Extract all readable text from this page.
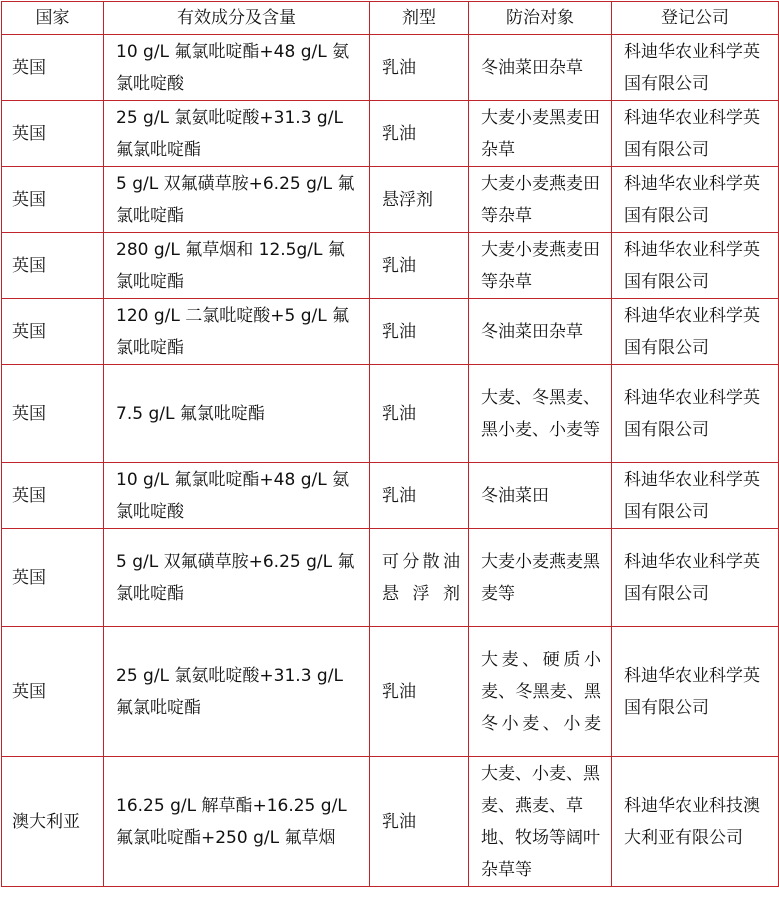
国家	有效成分及含量	剂型	防治对象	登记公司
英国	10 g/L 氟氯吡啶酯+48 g/L 氨氯吡啶酸	乳油	冬油菜田杂草	科迪华农业科学英国有限公司
英国	25 g/L 氯氨吡啶酸+31.3 g/L 氟氯吡啶酯	乳油	大麦小麦黑麦田杂草	科迪华农业科学英国有限公司
英国	5 g/L 双氟磺草胺+6.25 g/L 氟氯吡啶酯	悬浮剂	大麦小麦燕麦田等杂草	科迪华农业科学英国有限公司
英国	280 g/L 氟草烟和 12.5g/L 氟氯吡啶酯	乳油	大麦小麦燕麦田等杂草	科迪华农业科学英国有限公司
英国	120 g/L 二氯吡啶酸+5 g/L 氟氯吡啶酯	乳油	冬油菜田杂草	科迪华农业科学英国有限公司
英国	7.5 g/L 氟氯吡啶酯	乳油	大麦、冬黑麦、黑小麦、小麦等	科迪华农业科学英国有限公司
英国	10 g/L 氟氯吡啶酯+48 g/L 氨氯吡啶酸	乳油	冬油菜田	科迪华农业科学英国有限公司
英国	5 g/L 双氟磺草胺+6.25 g/L 氟氯吡啶酯	可分散油悬浮剂	大麦小麦燕麦黑麦等	科迪华农业科学英国有限公司
英国	25 g/L 氯氨吡啶酸+31.3 g/L 氟氯吡啶酯	乳油	大麦、硬质小麦、冬黑麦、黑冬小麦、小麦	科迪华农业科学英国有限公司
澳大利亚	16.25 g/L 解草酯+16.25 g/L 氟氯吡啶酯+250 g/L 氟草烟	乳油	大麦、小麦、黑麦、燕麦、草地、牧场等阔叶杂草等	科迪华农业科技澳大利亚有限公司
